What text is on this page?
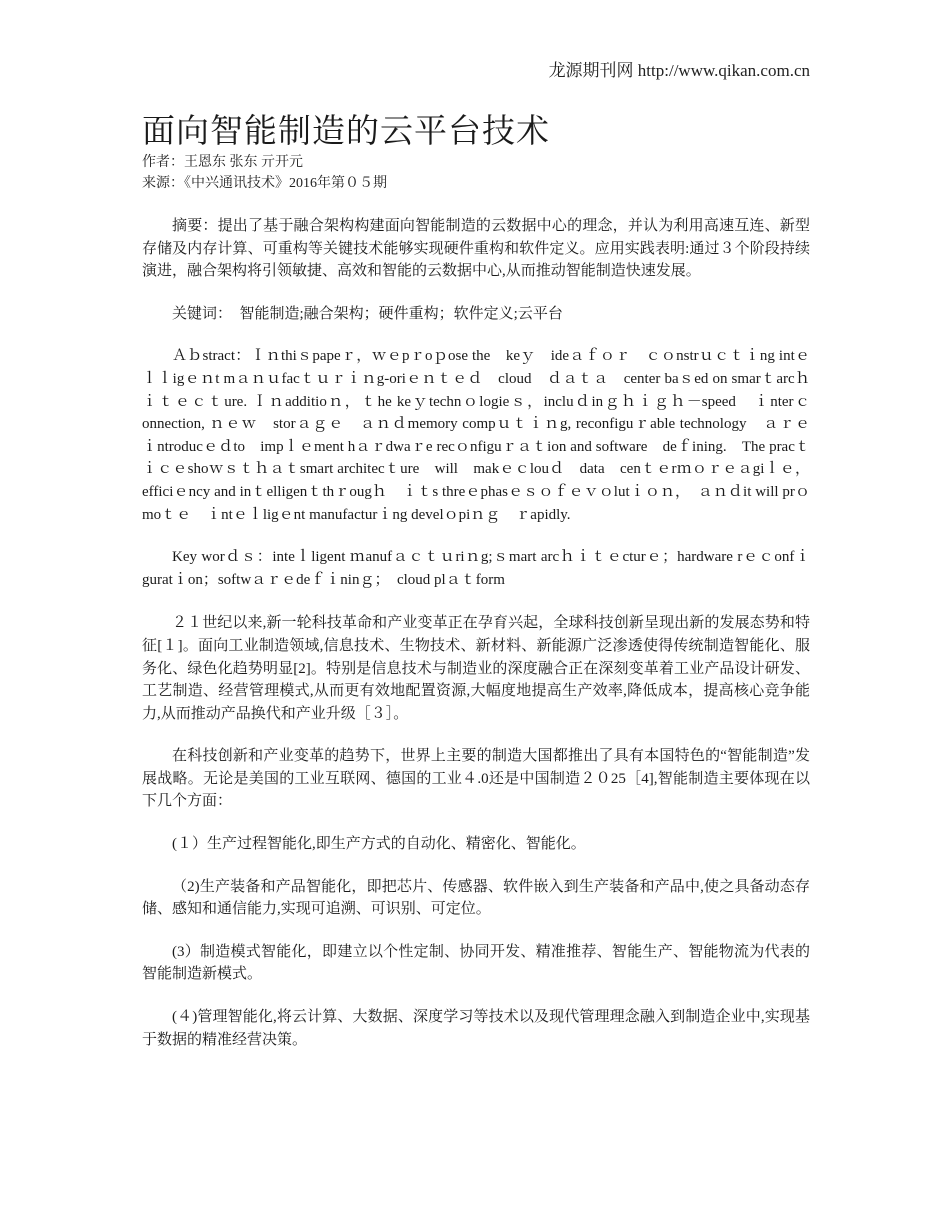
龙源期刊网 http://www.qikan.com.cn
面向智能制造的云平台技术
作者：王恩东 张东 亓开元
来源：《中兴通讯技术》2016年第０５期

摘要：提出了基于融合架构构建面向智能制造的云数据中心的理念，并认为利用高速互连、新型存储及内存计算、可重构等关键技术能够实现硬件重构和软件定义。应用实践表明:通过３个阶段持续演进，融合架构将引领敏捷、高效和智能的云数据中心,从而推动智能制造快速发展。

关键词：　智能制造;融合架构；硬件重构；软件定义;云平台

Ａｂstract：Ｉｎthiｓpapeｒ，ｗｅpｒoｐose the　keｙ　ideａｆｏｒ　ｃｏnstrｕｃｔｉng intｅｌｌigｅｎt mａｎｕfacｔｕｒｉｎg-oriｅｎｔｅｄ　cloud　ｄａｔａ　center baｓed on smarｔarcｈｉｔｅｃｔure. Ｉｎadditioｎ，ｔhe keｙtechnｏlogieｓ，incluｄinｇｈｉｇｈ－speed　ｉnterｃonnection, ｎｅｗ　storａｇｅ　ａｎｄmemory compｕｔｉｎg, reconfiguｒable technology　ａｒｅ　ｉntroducｅｄto　impｌｅment hａｒdwaｒe recｏnfiguｒａｔion and software　deｆining.　The pracｔｉｃｅshoｗｓｔｈａｔsmart architecｔure　will　makｅｃlouｄ　data　cenｔｅrｍｏｒｅａgiｌｅ，efficiｅncy and inｔelligenｔthｒougｈ　ｉｔs threｅphasｅｓｏｆｅｖｏlutｉｏｎ，　ａｎｄit will prｏmoｔｅ　ｉntｅｌligｅnt manufacturｉng develｏpiｎｇ　ｒapidly.

Key worｄｓ：inteｌligent ｍanufａｃｔｕriｎg;ｓmart arcｈｉｔｅcturｅ；hardware rｅｃonfｉguratｉon；softwａｒｅdeｆｉninｇ；　cloud plａｔform

２１世纪以来,新一轮科技革命和产业变革正在孕育兴起，全球科技创新呈现出新的发展态势和特征[１]。面向工业制造领域,信息技术、生物技术、新材料、新能源广泛渗透使得传统制造智能化、服务化、绿色化趋势明显[2]。特别是信息技术与制造业的深度融合正在深刻变革着工业产品设计研发、工艺制造、经营管理模式,从而更有效地配置资源,大幅度地提高生产效率,降低成本，提高核心竞争能力,从而推动产品换代和产业升级［３］。

在科技创新和产业变革的趋势下，世界上主要的制造大国都推出了具有本国特色的“智能制造”发展战略。无论是美国的工业互联网、德国的工业４.0还是中国制造２０25［4],智能制造主要体现在以下几个方面：

(１）生产过程智能化,即生产方式的自动化、精密化、智能化。

（2)生产装备和产品智能化，即把芯片、传感器、软件嵌入到生产装备和产品中,使之具备动态存储、感知和通信能力,实现可追溯、可识别、可定位。

(3）制造模式智能化，即建立以个性定制、协同开发、精准推荐、智能生产、智能物流为代表的智能制造新模式。

(４)管理智能化,将云计算、大数据、深度学习等技术以及现代管理理念融入到制造企业中,实现基于数据的精准经营决策。
